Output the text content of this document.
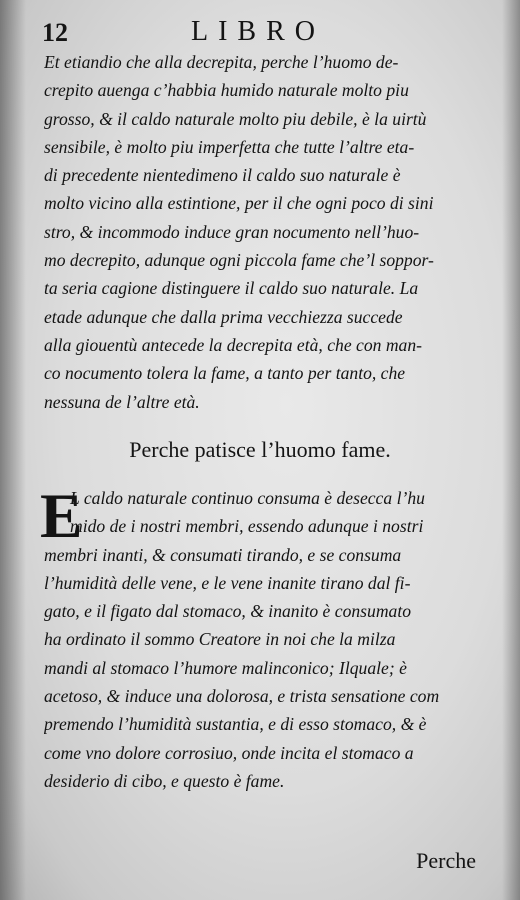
12	LIBRO
Et etiandio che alla decrepita, perche l’huomo de-
crepito auenga c’habbia humido naturale molto piu
grosso, & il caldo naturale molto piu debile, è la uirtù
sensibile, è molto piu imperfetta che tutte l’altre eta-
di precedente nientedimeno il caldo suo naturale è
molto vicino alla estintione, per il che ogni poco di sini
stro, & incommodo induce gran nocumento nell’huo-
mo decrepito, adunque ogni piccola fame che’l soppor-
ta seria cagione distinguere il caldo suo naturale. La
etade adunque che dalla prima vecchiezza succede
alla giouentù antecede la decrepita età, che con man-
co nocumento tolera la fame, a tanto per tanto, che
nessuna de l’altre età.
Perche patisce l’huomo fame.
E
L caldo naturale continuo consuma è desecca l’hu
mido de i nostri membri, essendo adunque i nostri
membri inanti, & consumati tirando, e se consuma
l’humidità delle vene, e le vene inanite tirano dal fi-
gato, e il figato dal stomaco, & inanito è consumato
ha ordinato il sommo Creatore in noi che la milza
mandi al stomaco l’humore malinconico; Ilquale; è
acetoso, & induce una dolorosa, e trista sensatione com
premendo l’humidità sustantia, e di esso stomaco, & è
come vno dolore corrosiuo, onde incita el stomaco a
desiderio di cibo, e questo è fame.
Perche
